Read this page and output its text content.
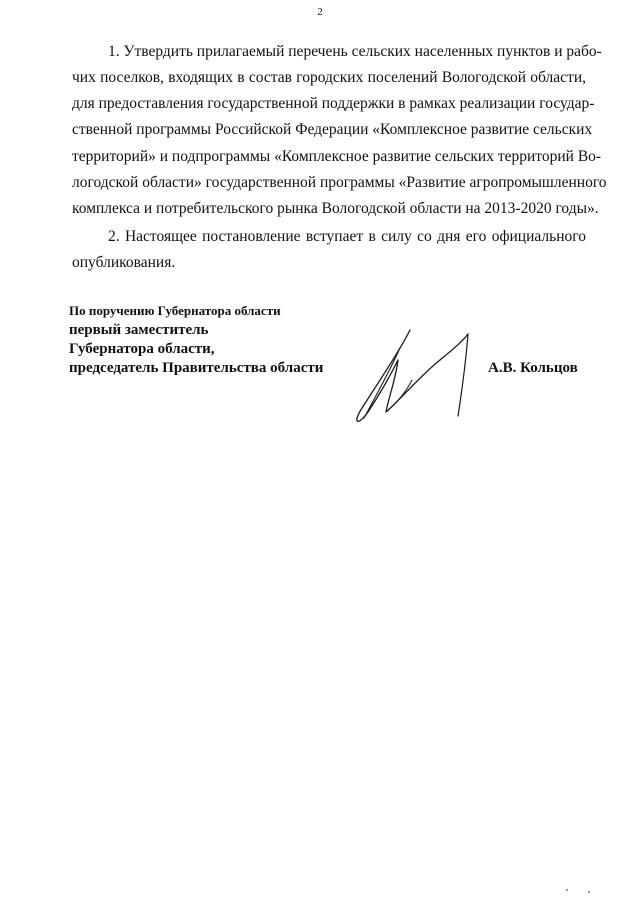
2
1. Утвердить прилагаемый перечень сельских населенных пунктов и рабо-
чих поселков, входящих в состав городских поселений Вологодской области,
для предоставления государственной поддержки в рамках реализации государ-
ственной программы Российской Федерации «Комплексное развитие сельских
территорий» и подпрограммы «Комплексное развитие сельских территорий Во-
логодской области» государственной программы «Развитие агропромышленного
комплекса и потребительского рынка Вологодской области на 2013-2020 годы».
2. Настоящее постановление вступает в силу со дня его официального
опубликования.
По поручению Губернатора области
первый заместитель
Губернатора области,
председатель Правительства области	А.В. Кольцов
